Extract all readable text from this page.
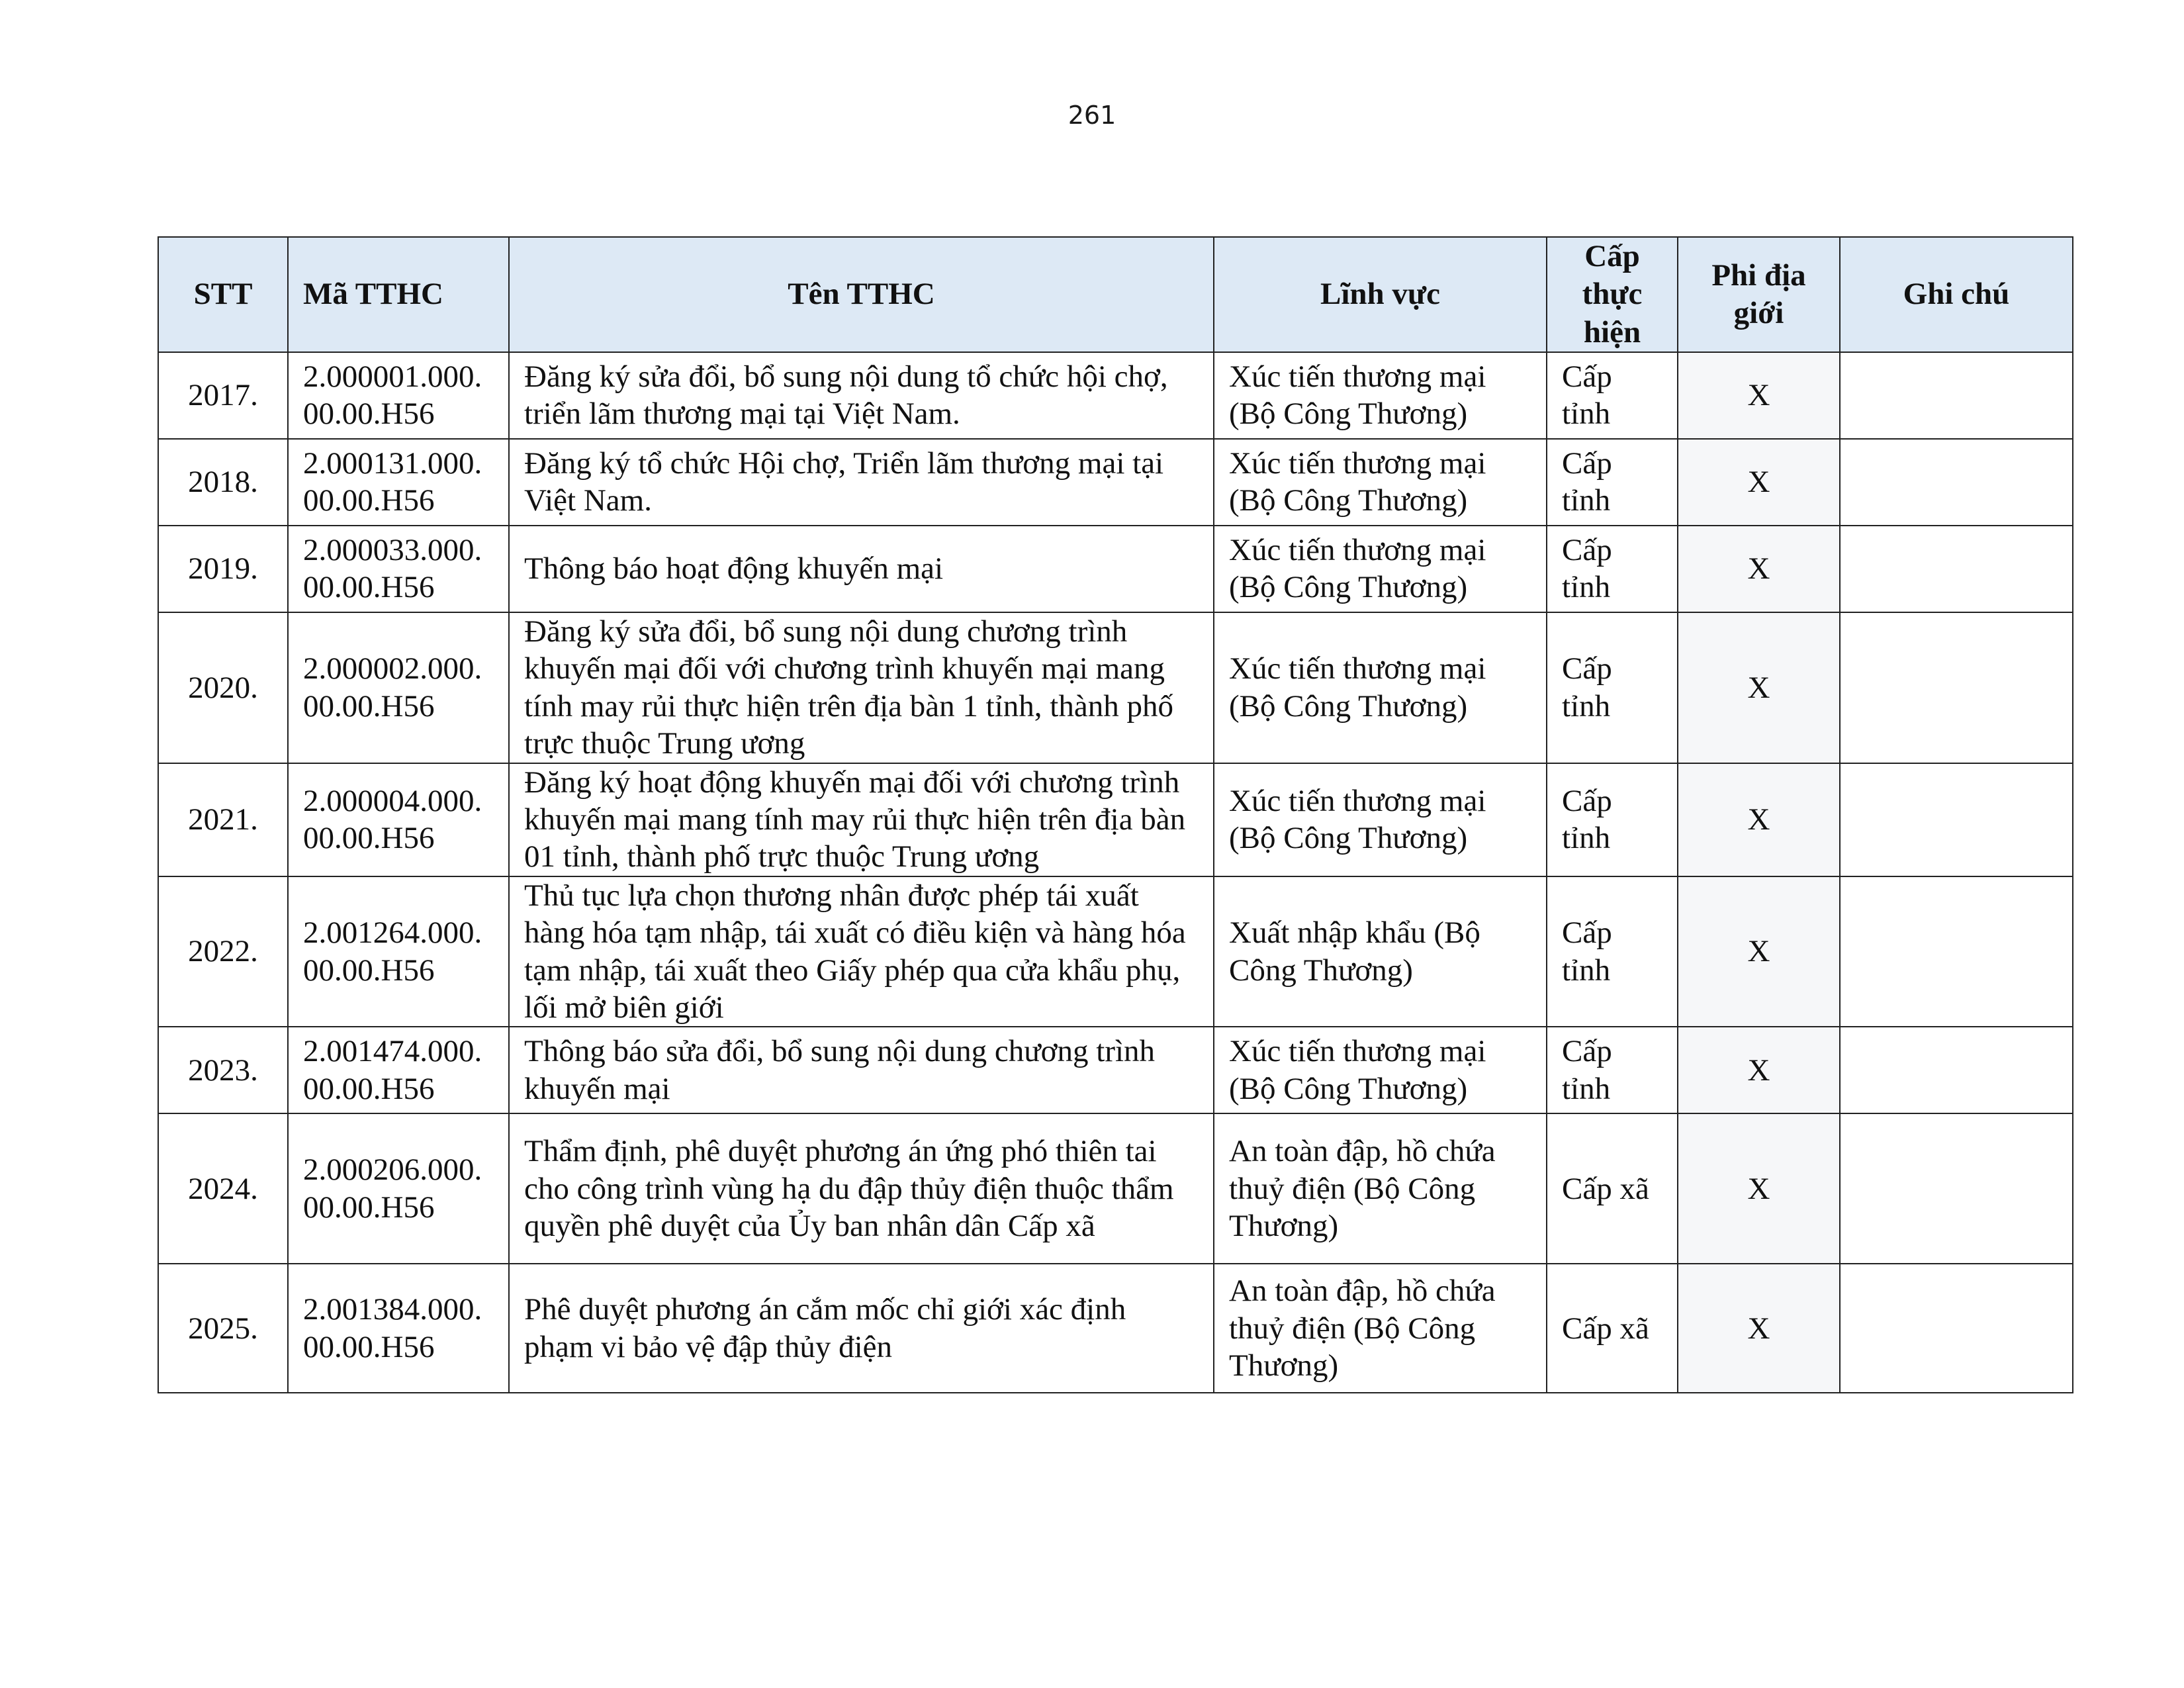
261
STT	Mã TTHC	Tên TTHC	Lĩnh vực	Cấp thực hiện	Phi địa giới	Ghi chú
2017.	2.000001.000.00.00.H56	Đăng ký sửa đổi, bổ sung nội dung tổ chức hội chợ, triển lãm thương mại tại Việt Nam.	Xúc tiến thương mại (Bộ Công Thương)	Cấp tỉnh	X	
2018.	2.000131.000.00.00.H56	Đăng ký tổ chức Hội chợ, Triển lãm thương mại tại Việt Nam.	Xúc tiến thương mại (Bộ Công Thương)	Cấp tỉnh	X	
2019.	2.000033.000.00.00.H56	Thông báo hoạt động khuyến mại	Xúc tiến thương mại (Bộ Công Thương)	Cấp tỉnh	X	
2020.	2.000002.000.00.00.H56	Đăng ký sửa đổi, bổ sung nội dung chương trình khuyến mại đối với chương trình khuyến mại mang tính may rủi thực hiện trên địa bàn 1 tỉnh, thành phố trực thuộc Trung ương	Xúc tiến thương mại (Bộ Công Thương)	Cấp tỉnh	X	
2021.	2.000004.000.00.00.H56	Đăng ký hoạt động khuyến mại đối với chương trình khuyến mại mang tính may rủi thực hiện trên địa bàn 01 tỉnh, thành phố trực thuộc Trung ương	Xúc tiến thương mại (Bộ Công Thương)	Cấp tỉnh	X	
2022.	2.001264.000.00.00.H56	Thủ tục lựa chọn thương nhân được phép tái xuất hàng hóa tạm nhập, tái xuất có điều kiện và hàng hóa tạm nhập, tái xuất theo Giấy phép qua cửa khẩu phụ, lối mở biên giới	Xuất nhập khẩu (Bộ Công Thương)	Cấp tỉnh	X	
2023.	2.001474.000.00.00.H56	Thông báo sửa đổi, bổ sung nội dung chương trình khuyến mại	Xúc tiến thương mại (Bộ Công Thương)	Cấp tỉnh	X	
2024.	2.000206.000.00.00.H56	Thẩm định, phê duyệt phương án ứng phó thiên tai cho công trình vùng hạ du đập thủy điện thuộc thẩm quyền phê duyệt của Ủy ban nhân dân Cấp xã	An toàn đập, hồ chứa thuỷ điện (Bộ Công Thương)	Cấp xã	X	
2025.	2.001384.000.00.00.H56	Phê duyệt phương án cắm mốc chỉ giới xác định phạm vi bảo vệ đập thủy điện	An toàn đập, hồ chứa thuỷ điện (Bộ Công Thương)	Cấp xã	X	
